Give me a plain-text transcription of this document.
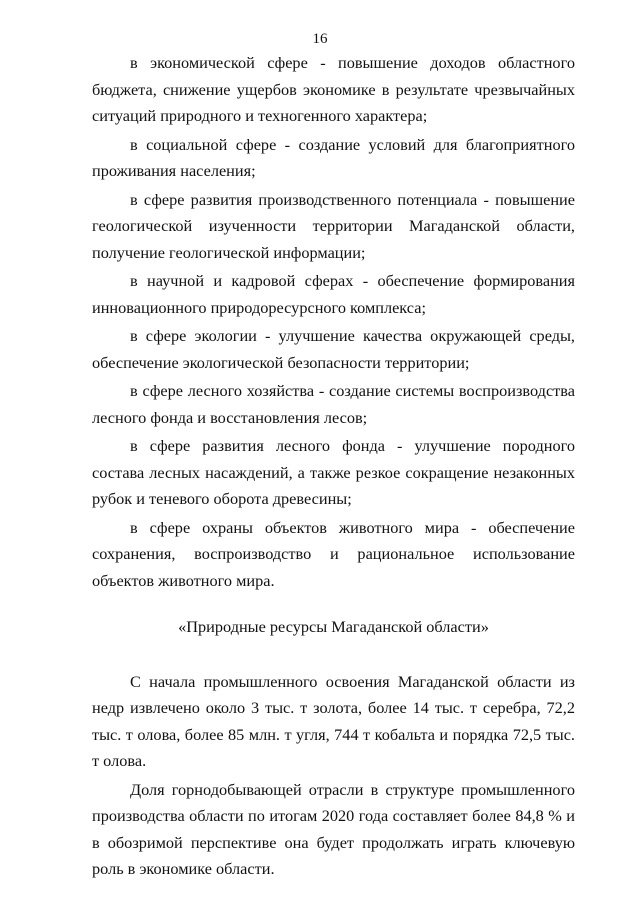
16

в экономической сфере - повышение доходов областного бюджета, снижение ущербов экономике в результате чрезвычайных ситуаций природного и техногенного характера;

в социальной сфере - создание условий для благоприятного проживания населения;

в сфере развития производственного потенциала - повышение геологической изученности территории Магаданской области, получение геологической информации;

в научной и кадровой сферах - обеспечение формирования инновационного природоресурсного комплекса;

в сфере экологии - улучшение качества окружающей среды, обеспечение экологической безопасности территории;

в сфере лесного хозяйства - создание системы воспроизводства лесного фонда и восстановления лесов;

в сфере развития лесного фонда - улучшение породного состава лесных насаждений, а также резкое сокращение незаконных рубок и теневого оборота древесины;

в сфере охраны объектов животного мира - обеспечение сохранения, воспроизводство и рациональное использование объектов животного мира.

«Природные ресурсы Магаданской области»

С начала промышленного освоения Магаданской области из недр извлечено около 3 тыс. т золота, более 14 тыс. т серебра, 72,2 тыс. т олова, более 85 млн. т угля, 744 т кобальта и порядка 72,5 тыс. т олова.

Доля горнодобывающей отрасли в структуре промышленного производства области по итогам 2020 года составляет более 84,8 % и в обозримой перспективе она будет продолжать играть ключевую роль в экономике области.
